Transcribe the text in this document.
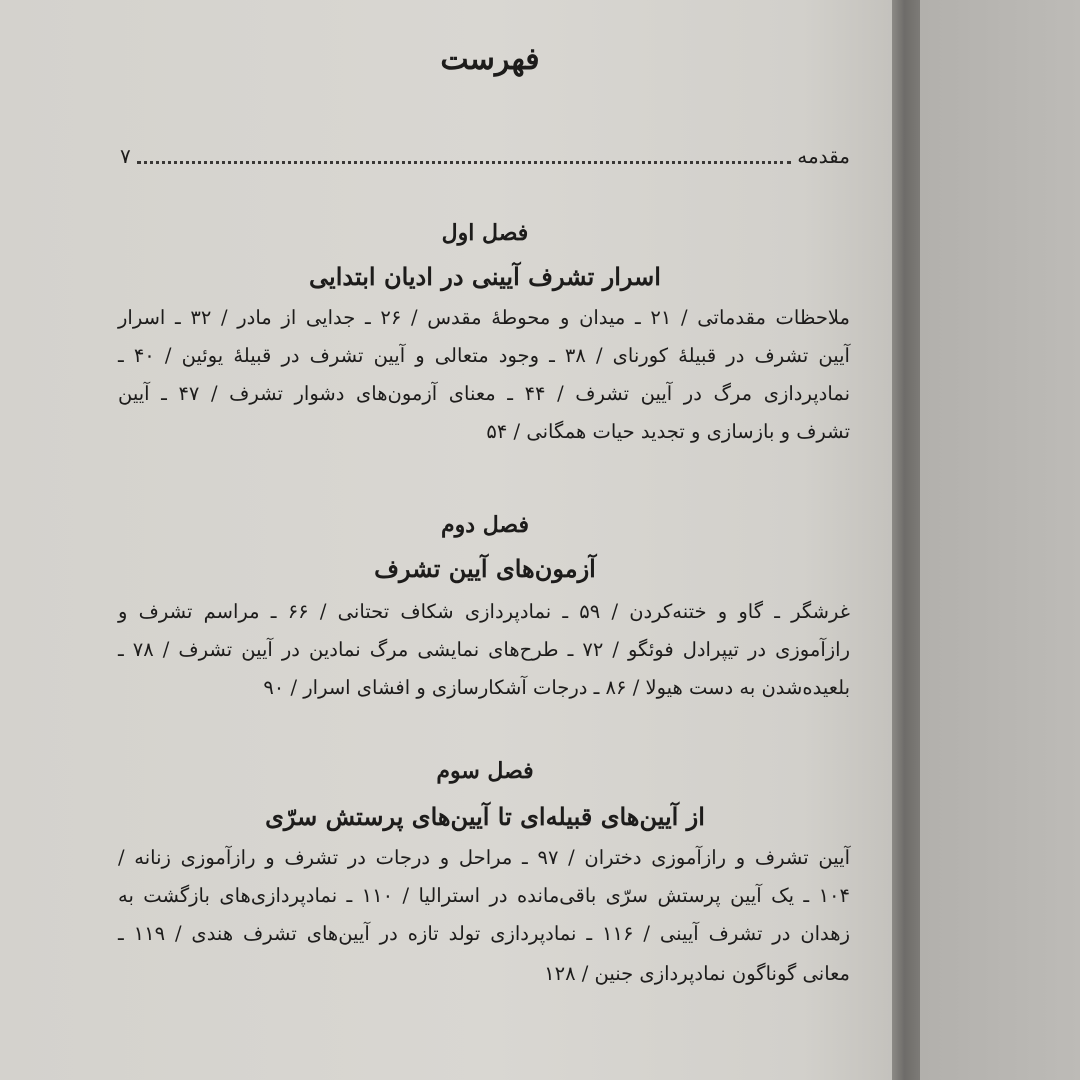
فهرست
مقدمه
۷
فصل اول
اسرار تشرف آیینی در ادیان ابتدایی
ملاحظات مقدماتی / ۲۱ ـ میدان و محوطهٔ مقدس / ۲۶ ـ جدایی از مادر / ۳۲ ـ اسرار
آیین تشرف در قبیلهٔ کورنای / ۳۸ ـ وجود متعالی و آیین تشرف در قبیلهٔ یوئین / ۴۰ ـ
نمادپردازی مرگ در آیین تشرف / ۴۴ ـ معنای آزمون‌های دشوار تشرف / ۴۷ ـ آیین
تشرف و بازسازی و تجدید حیات همگانی / ۵۴
فصل دوم
آزمون‌های آیین تشرف
غرشگر ـ گاو و ختنه‌کردن / ۵۹ ـ نمادپردازی شکاف تحتانی / ۶۶ ـ مراسم تشرف و
رازآموزی در تیپرادل فوئگو / ۷۲ ـ طرح‌های نمایشی مرگ نمادین در آیین تشرف / ۷۸ ـ
بلعیده‌شدن به دست هیولا / ۸۶ ـ درجات آشکارسازی و افشای اسرار / ۹۰
فصل سوم
از آیین‌های قبیله‌ای تا آیین‌های پرستش سرّی
آیین تشرف و رازآموزی دختران / ۹۷ ـ مراحل و درجات در تشرف و رازآموزی زنانه /
۱۰۴ ـ یک آیین پرستش سرّی باقی‌مانده در استرالیا / ۱۱۰ ـ نمادپردازی‌های بازگشت به
زهدان در تشرف آیینی / ۱۱۶ ـ نمادپردازی تولد تازه در آیین‌های تشرف هندی / ۱۱۹ ـ
معانی گوناگون نمادپردازی جنین / ۱۲۸
